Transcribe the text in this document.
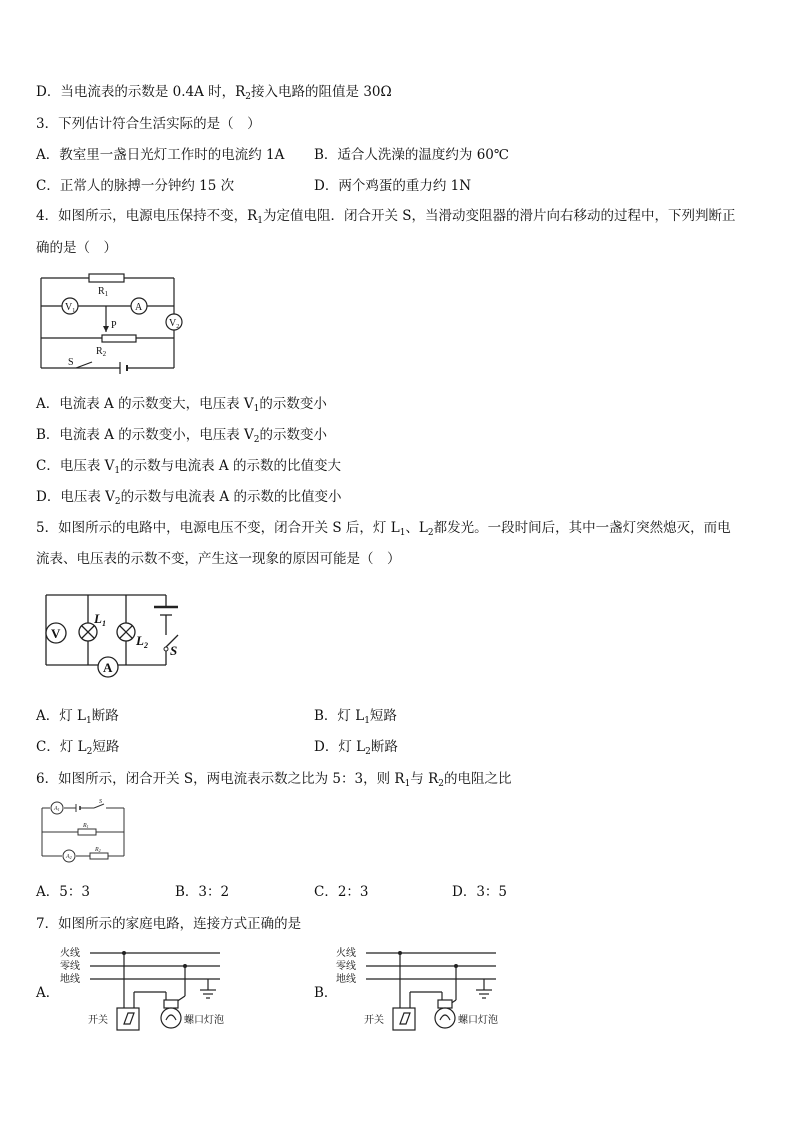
D．当电流表的示数是 0.4A 时，$R_2$接入电路的阻值是 30Ω
3．下列估计符合生活实际的是（　）
A．教室里一盏日光灯工作时的电流约 1A B．适合人洗澡的温度约为 60℃
C．正常人的脉搏一分钟约 15 次	D．两个鸡蛋的重力约 1N
4．如图所示，电源电压保持不变，$R_1$为定值电阻．闭合开关 S，当滑动变阻器的滑片向右移动的过程中，下列判断正
确的是（　）
$V_1$	A
$V_2$
$R_1$
P
$R_2$
S
A．电流表 A 的示数变大，电压表 $V_1$的示数变小
B．电流表 A 的示数变小，电压表 $V_2$的示数变小
C．电压表 $V_1$的示数与电流表 A 的示数的比值变大
D．电压表 $V_2$的示数与电流表 A 的示数的比值变小
5．如图所示的电路中，电源电压不变，闭合开关 S 后，灯 $L_1$、$L_2$都发光。一段时间后，其中一盏灯突然熄灭，而电
流表、电压表的示数不变，产生这一现象的原因可能是（　）
V
$L_1$
$L_2$
A
S
A．灯 $L_1$断路	B．灯 $L_1$短路
C．灯 $L_2$短路	D．灯 $L_2$断路
6．如图所示，闭合开关 S，两电流表示数之比为 5：3，则 $R_1$与 $R_2$的电阻之比
A1
A2
S
R1
R2
A．5：3	B．3：2	C．2：3	D．3：5
7．如图所示的家庭电路，连接方式正确的是
A．
火线
零线
地线
开关	螺口灯泡
B．
火线
零线
地线
开关	螺口灯泡
